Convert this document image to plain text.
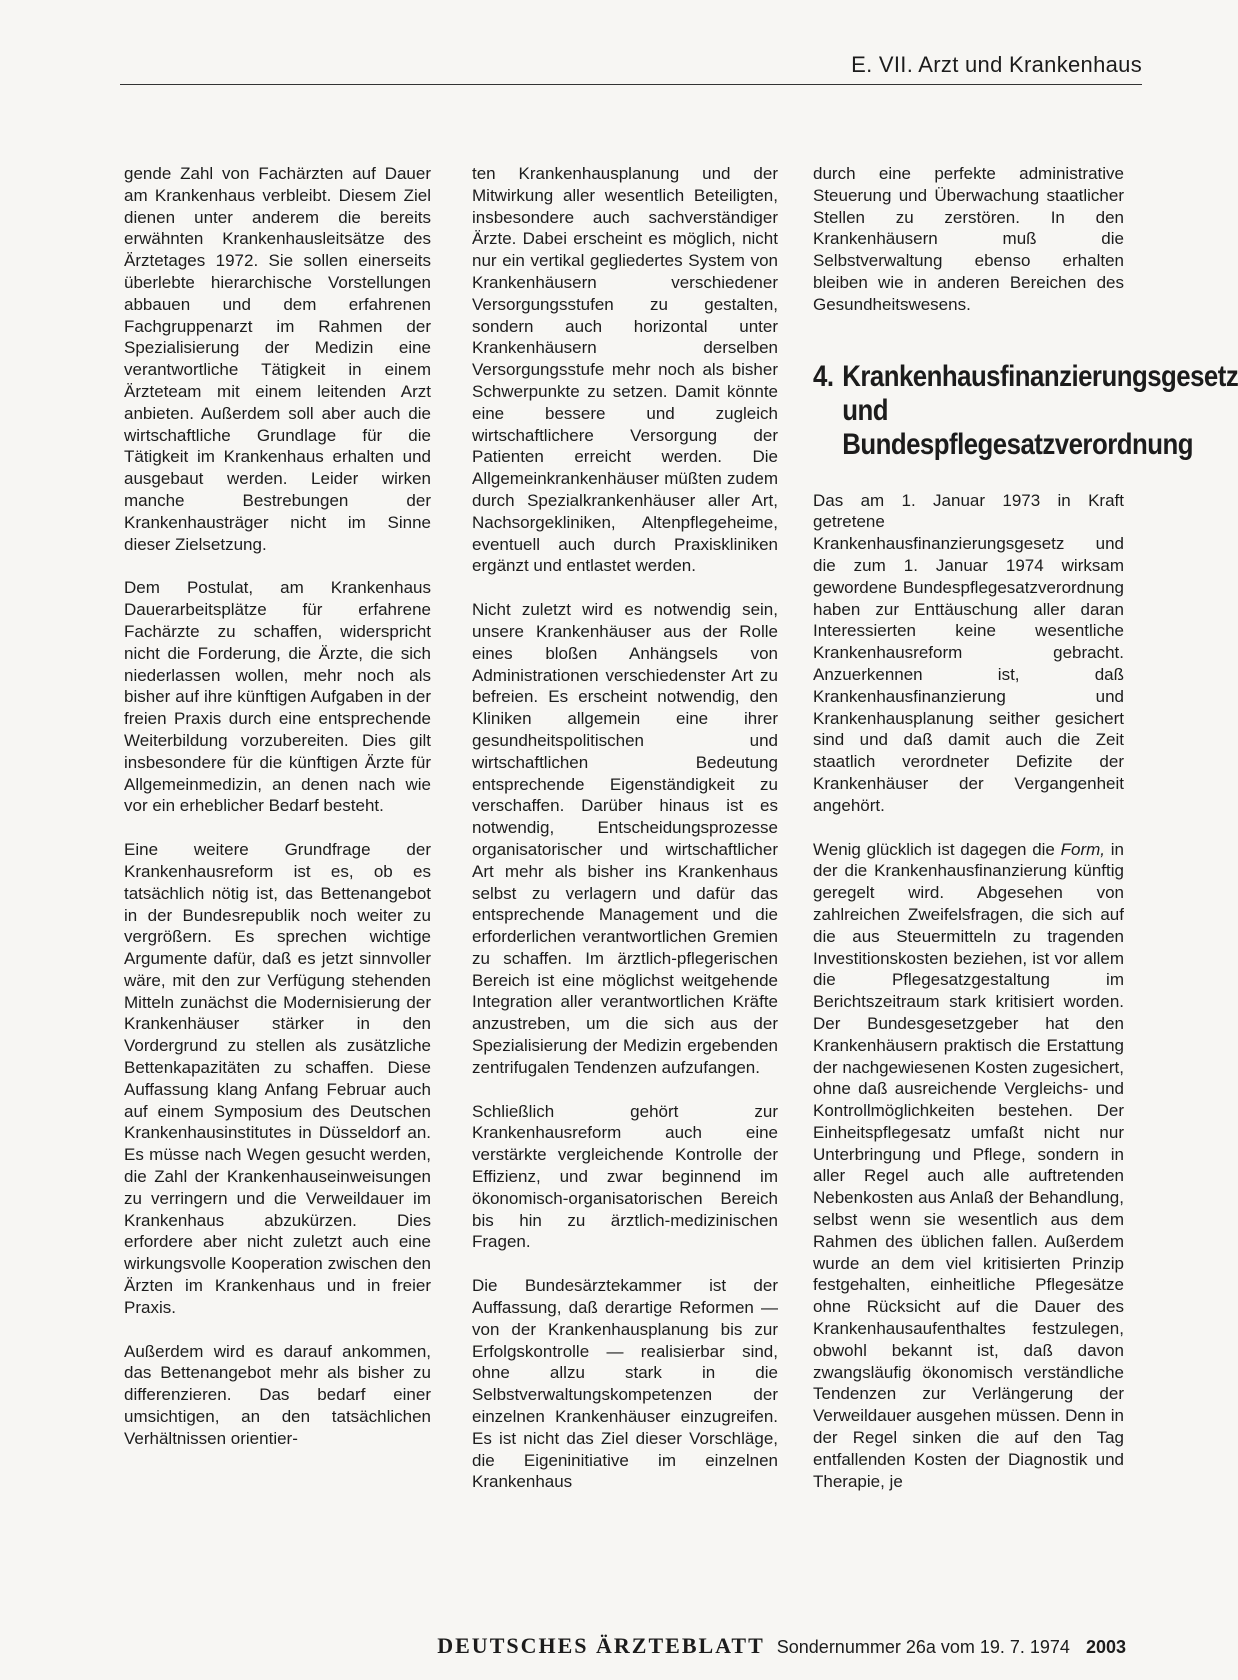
E. VII. Arzt und Krankenhaus

gende Zahl von Fachärzten auf Dauer am Krankenhaus verbleibt. Diesem Ziel dienen unter anderem die bereits erwähnten Krankenhausleitsätze des Ärztetages 1972. Sie sollen einerseits überlebte hierarchische Vorstellungen abbauen und dem erfahrenen Fachgruppenarzt im Rahmen der Spezialisierung der Medizin eine verantwortliche Tätigkeit in einem Ärzteteam mit einem leitenden Arzt anbieten. Außerdem soll aber auch die wirtschaftliche Grundlage für die Tätigkeit im Krankenhaus erhalten und ausgebaut werden. Leider wirken manche Bestrebungen der Krankenhausträger nicht im Sinne dieser Zielsetzung.

Dem Postulat, am Krankenhaus Dauerarbeitsplätze für erfahrene Fachärzte zu schaffen, widerspricht nicht die Forderung, die Ärzte, die sich niederlassen wollen, mehr noch als bisher auf ihre künftigen Aufgaben in der freien Praxis durch eine entsprechende Weiterbildung vorzubereiten. Dies gilt insbesondere für die künftigen Ärzte für Allgemeinmedizin, an denen nach wie vor ein erheblicher Bedarf besteht.

Eine weitere Grundfrage der Krankenhausreform ist es, ob es tatsächlich nötig ist, das Bettenangebot in der Bundesrepublik noch weiter zu vergrößern. Es sprechen wichtige Argumente dafür, daß es jetzt sinnvoller wäre, mit den zur Verfügung stehenden Mitteln zunächst die Modernisierung der Krankenhäuser stärker in den Vordergrund zu stellen als zusätzliche Bettenkapazitäten zu schaffen. Diese Auffassung klang Anfang Februar auch auf einem Symposium des Deutschen Krankenhausinstitutes in Düsseldorf an. Es müsse nach Wegen gesucht werden, die Zahl der Krankenhauseinweisungen zu verringern und die Verweildauer im Krankenhaus abzukürzen. Dies erfordere aber nicht zuletzt auch eine wirkungsvolle Kooperation zwischen den Ärzten im Krankenhaus und in freier Praxis.

Außerdem wird es darauf ankommen, das Bettenangebot mehr als bisher zu differenzieren. Das bedarf einer umsichtigen, an den tatsächlichen Verhältnissen orientier-

ten Krankenhausplanung und der Mitwirkung aller wesentlich Beteiligten, insbesondere auch sachverständiger Ärzte. Dabei erscheint es möglich, nicht nur ein vertikal gegliedertes System von Krankenhäusern verschiedener Versorgungsstufen zu gestalten, sondern auch horizontal unter Krankenhäusern derselben Versorgungsstufe mehr noch als bisher Schwerpunkte zu setzen. Damit könnte eine bessere und zugleich wirtschaftlichere Versorgung der Patienten erreicht werden. Die Allgemeinkrankenhäuser müßten zudem durch Spezialkrankenhäuser aller Art, Nachsorgekliniken, Altenpflegeheime, eventuell auch durch Praxiskliniken ergänzt und entlastet werden.

Nicht zuletzt wird es notwendig sein, unsere Krankenhäuser aus der Rolle eines bloßen Anhängsels von Administrationen verschiedenster Art zu befreien. Es erscheint notwendig, den Kliniken allgemein eine ihrer gesundheitspolitischen und wirtschaftlichen Bedeutung entsprechende Eigenständigkeit zu verschaffen. Darüber hinaus ist es notwendig, Entscheidungsprozesse organisatorischer und wirtschaftlicher Art mehr als bisher ins Krankenhaus selbst zu verlagern und dafür das entsprechende Management und die erforderlichen verantwortlichen Gremien zu schaffen. Im ärztlich-pflegerischen Bereich ist eine möglichst weitgehende Integration aller verantwortlichen Kräfte anzustreben, um die sich aus der Spezialisierung der Medizin ergebenden zentrifugalen Tendenzen aufzufangen.

Schließlich gehört zur Krankenhausreform auch eine verstärkte vergleichende Kontrolle der Effizienz, und zwar beginnend im ökonomisch-organisatorischen Bereich bis hin zu ärztlich-medizinischen Fragen.

Die Bundesärztekammer ist der Auffassung, daß derartige Reformen — von der Krankenhausplanung bis zur Erfolgskontrolle — realisierbar sind, ohne allzu stark in die Selbstverwaltungskompetenzen der einzelnen Krankenhäuser einzugreifen. Es ist nicht das Ziel dieser Vorschläge, die Eigeninitiative im einzelnen Krankenhaus

durch eine perfekte administrative Steuerung und Überwachung staatlicher Stellen zu zerstören. In den Krankenhäusern muß die Selbstverwaltung ebenso erhalten bleiben wie in anderen Bereichen des Gesundheitswesens.

4. Krankenhausfinanzierungsgesetz und Bundespflegesatzverordnung

Das am 1. Januar 1973 in Kraft getretene Krankenhausfinanzierungsgesetz und die zum 1. Januar 1974 wirksam gewordene Bundespflegesatzverordnung haben zur Enttäuschung aller daran Interessierten keine wesentliche Krankenhausreform gebracht. Anzuerkennen ist, daß Krankenhausfinanzierung und Krankenhausplanung seither gesichert sind und daß damit auch die Zeit staatlich verordneter Defizite der Krankenhäuser der Vergangenheit angehört.

Wenig glücklich ist dagegen die Form, in der die Krankenhausfinanzierung künftig geregelt wird. Abgesehen von zahlreichen Zweifelsfragen, die sich auf die aus Steuermitteln zu tragenden Investitionskosten beziehen, ist vor allem die Pflegesatzgestaltung im Berichtszeitraum stark kritisiert worden. Der Bundesgesetzgeber hat den Krankenhäusern praktisch die Erstattung der nachgewiesenen Kosten zugesichert, ohne daß ausreichende Vergleichs- und Kontrollmöglichkeiten bestehen. Der Einheitspflegesatz umfaßt nicht nur Unterbringung und Pflege, sondern in aller Regel auch alle auftretenden Nebenkosten aus Anlaß der Behandlung, selbst wenn sie wesentlich aus dem Rahmen des üblichen fallen. Außerdem wurde an dem viel kritisierten Prinzip festgehalten, einheitliche Pflegesätze ohne Rücksicht auf die Dauer des Krankenhausaufenthaltes festzulegen, obwohl bekannt ist, daß davon zwangsläufig ökonomisch verständliche Tendenzen zur Verlängerung der Verweildauer ausgehen müssen. Denn in der Regel sinken die auf den Tag entfallenden Kosten der Diagnostik und Therapie, je

DEUTSCHES ÄRZTEBLATT Sondernummer 26a vom 19. 7. 1974 2003
